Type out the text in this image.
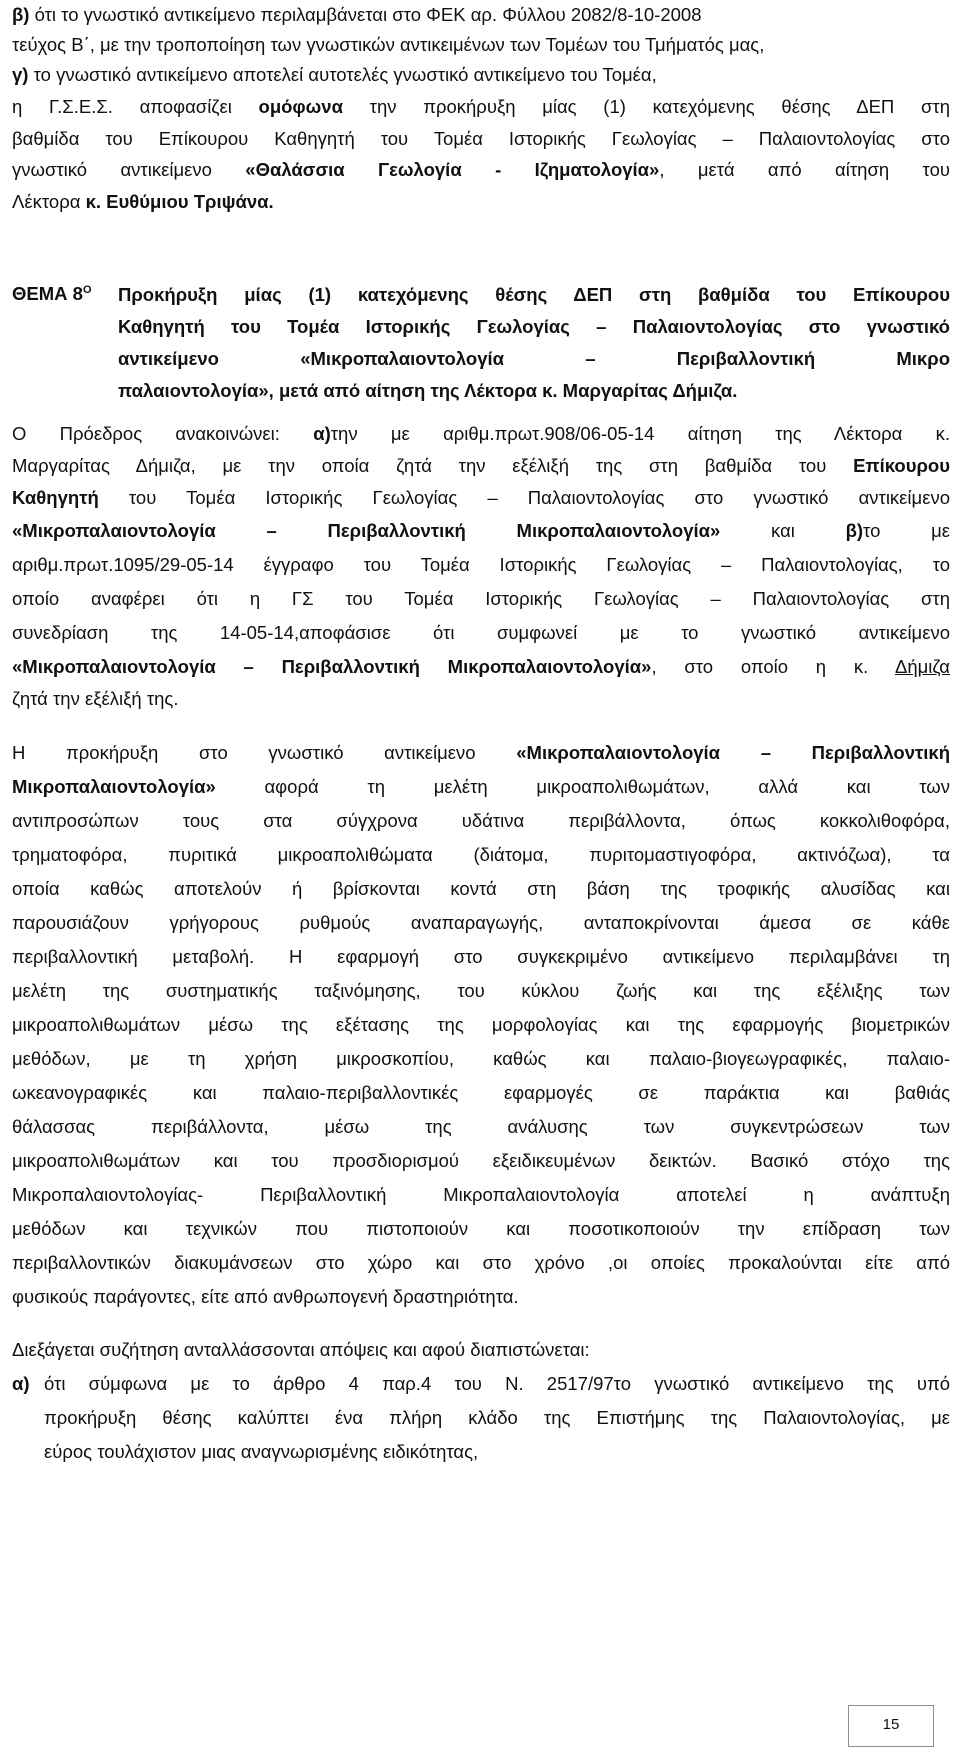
β) ότι το γνωστικό αντικείμενο περιλαμβάνεται στο ΦΕΚ αρ. Φύλλου 2082/8-10-2008
τεύχος Β΄, με την τροποποίηση των γνωστικών αντικειμένων των Τομέων του Τμήματός μας,
γ) το γνωστικό αντικείμενο αποτελεί αυτοτελές γνωστικό αντικείμενο του Τομέα,
η Γ.Σ.Ε.Σ. αποφασίζει ομόφωνα την προκήρυξη μίας (1) κατεχόμενης θέσης ΔΕΠ στη
βαθμίδα του Επίκουρου Καθηγητή του Τομέα Ιστορικής Γεωλογίας – Παλαιοντολογίας στο
γνωστικό αντικείμενο «Θαλάσσια Γεωλογία - Ιζηματολογία», μετά από αίτηση του
Λέκτορα κ. Ευθύμιου Τριψάνα.
ΘΕΜΑ $8^O$ Προκήρυξη μίας (1) κατεχόμενης θέσης ΔΕΠ στη βαθμίδα του Επίκουρου
Καθηγητή του Τομέα Ιστορικής Γεωλογίας – Παλαιοντολογίας στο γνωστικό
αντικείμενο «Μικροπαλαιοντολογία – Περιβαλλοντική Μικρο
παλαιοντολογία», μετά από αίτηση της Λέκτορα κ. Μαργαρίτας Δήμιζα.
Ο Πρόεδρος ανακοινώνει: α)την με αριθμ.πρωτ.908/06-05-14 αίτηση της Λέκτορα κ.
Μαργαρίτας Δήμιζα, με την οποία ζητά την εξέλιξή της στη βαθμίδα του Επίκουρου
Καθηγητή του Τομέα Ιστορικής Γεωλογίας – Παλαιοντολογίας στο γνωστικό αντικείμενο
«Μικροπαλαιοντολογία – Περιβαλλοντική Μικροπαλαιοντολογία» και β)το με
αριθμ.πρωτ.1095/29-05-14 έγγραφο του Τομέα Ιστορικής Γεωλογίας – Παλαιοντολογίας, το
οποίο αναφέρει ότι η ΓΣ του Τομέα Ιστορικής Γεωλογίας – Παλαιοντολογίας στη
συνεδρίαση της 14-05-14,αποφάσισε ότι συμφωνεί με το γνωστικό αντικείμενο
«Μικροπαλαιοντολογία – Περιβαλλοντική Μικροπαλαιοντολογία», στο οποίο η κ. Δήμιζα
ζητά την εξέλιξή της.
Η προκήρυξη στο γνωστικό αντικείμενο «Μικροπαλαιοντολογία – Περιβαλλοντική
Μικροπαλαιοντολογία» αφορά τη μελέτη μικροαπολιθωμάτων, αλλά και των
αντιπροσώπων τους στα σύγχρονα υδάτινα περιβάλλοντα, όπως κοκκολιθοφόρα,
τρηματοφόρα, πυριτικά μικροαπολιθώματα (διάτομα, πυριτομαστιγοφόρα, ακτινόζωα), τα
οποία καθώς αποτελούν ή βρίσκονται κοντά στη βάση της τροφικής αλυσίδας και
παρουσιάζουν γρήγορους ρυθμούς αναπαραγωγής, ανταποκρίνονται άμεσα σε κάθε
περιβαλλοντική μεταβολή. Η εφαρμογή στο συγκεκριμένο αντικείμενο περιλαμβάνει τη
μελέτη της συστηματικής ταξινόμησης, του κύκλου ζωής και της εξέλιξης των
μικροαπολιθωμάτων μέσω της εξέτασης της μορφολογίας και της εφαρμογής βιομετρικών
μεθόδων, με τη χρήση μικροσκοπίου, καθώς και παλαιο-βιογεωγραφικές, παλαιο-
ωκεανογραφικές και παλαιο-περιβαλλοντικές εφαρμογές σε παράκτια και βαθιάς
θάλασσας περιβάλλοντα, μέσω της ανάλυσης των συγκεντρώσεων των
μικροαπολιθωμάτων και του προσδιορισμού εξειδικευμένων δεικτών. Βασικό στόχο της
Μικροπαλαιοντολογίας- Περιβαλλοντική Μικροπαλαιοντολογία αποτελεί η ανάπτυξη
μεθόδων και τεχνικών που πιστοποιούν και ποσοτικοποιούν την επίδραση των
περιβαλλοντικών διακυμάνσεων στο χώρο και στο χρόνο ,οι οποίες προκαλούνται είτε από
φυσικούς παράγοντες, είτε από ανθρωπογενή δραστηριότητα.
Διεξάγεται συζήτηση ανταλλάσσονται απόψεις και αφού διαπιστώνεται:
α) ότι σύμφωνα με το άρθρο 4 παρ.4 του Ν. 2517/97το γνωστικό αντικείμενο της υπό
προκήρυξη θέσης καλύπτει ένα πλήρη κλάδο της Επιστήμης της Παλαιοντολογίας, με
εύρος τουλάχιστον μιας αναγνωρισμένης ειδικότητας,
15
